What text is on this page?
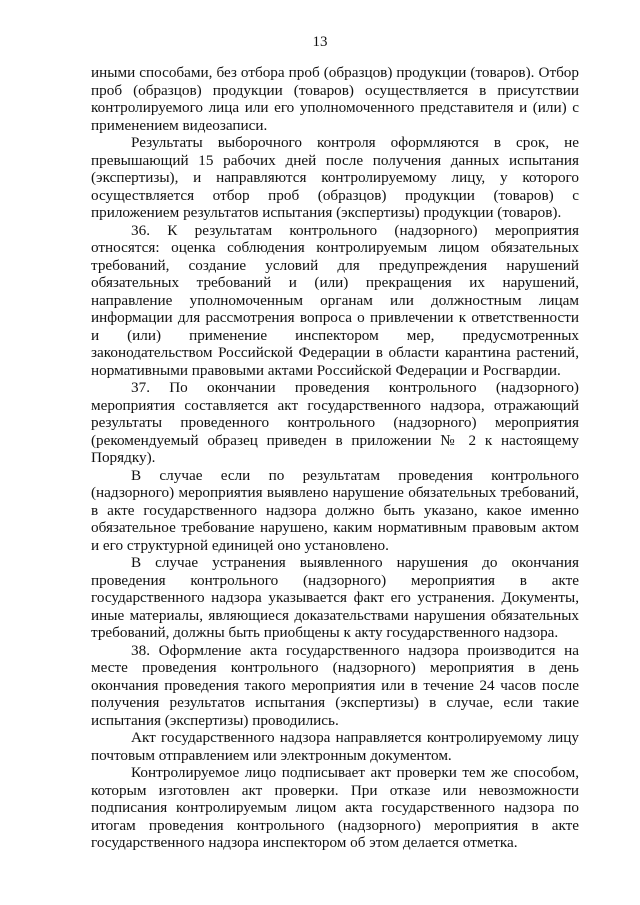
13

иными способами, без отбора проб (образцов) продукции (товаров). Отбор проб (образцов) продукции (товаров) осуществляется в присутствии контролируемого лица или его уполномоченного представителя и (или) с применением видеозаписи.

Результаты выборочного контроля оформляются в срок, не превышающий 15 рабочих дней после получения данных испытания (экспертизы), и направляются контролируемому лицу, у которого осуществляется отбор проб (образцов) продукции (товаров) с приложением результатов испытания (экспертизы) продукции (товаров).

36. К результатам контрольного (надзорного) мероприятия относятся: оценка соблюдения контролируемым лицом обязательных требований, создание условий для предупреждения нарушений обязательных требований и (или) прекращения их нарушений, направление уполномоченным органам или должностным лицам информации для рассмотрения вопроса о привлечении к ответственности и (или) применение инспектором мер, предусмотренных законодательством Российской Федерации в области карантина растений, нормативными правовыми актами Российской Федерации и Росгвардии.

37. По окончании проведения контрольного (надзорного) мероприятия составляется акт государственного надзора, отражающий результаты проведенного контрольного (надзорного) мероприятия (рекомендуемый образец приведен в приложении № 2 к настоящему Порядку).

В случае если по результатам проведения контрольного (надзорного) мероприятия выявлено нарушение обязательных требований, в акте государственного надзора должно быть указано, какое именно обязательное требование нарушено, каким нормативным правовым актом и его структурной единицей оно установлено.

В случае устранения выявленного нарушения до окончания проведения контрольного (надзорного) мероприятия в акте государственного надзора указывается факт его устранения. Документы, иные материалы, являющиеся доказательствами нарушения обязательных требований, должны быть приобщены к акту государственного надзора.

38. Оформление акта государственного надзора производится на месте проведения контрольного (надзорного) мероприятия в день окончания проведения такого мероприятия или в течение 24 часов после получения результатов испытания (экспертизы) в случае, если такие испытания (экспертизы) проводились.

Акт государственного надзора направляется контролируемому лицу почтовым отправлением или электронным документом.

Контролируемое лицо подписывает акт проверки тем же способом, которым изготовлен акт проверки. При отказе или невозможности подписания контролируемым лицом акта государственного надзора по итогам проведения контрольного (надзорного) мероприятия в акте государственного надзора инспектором об этом делается отметка.
